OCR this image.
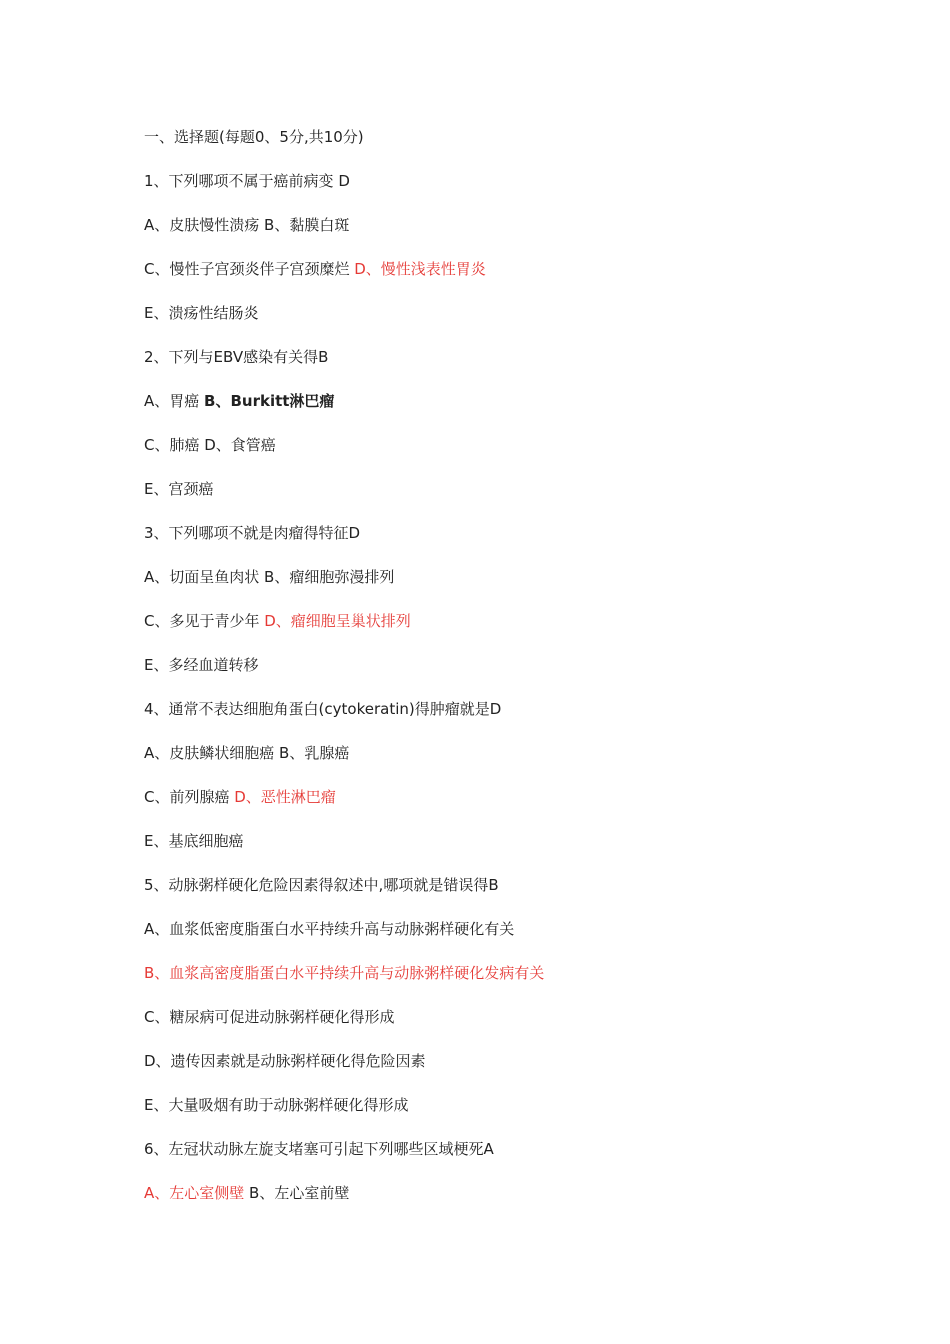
一、选择题(每题0、5分,共10分)
1、下列哪项不属于癌前病变 D
A、皮肤慢性溃疡 B、黏膜白斑
C、慢性子宫颈炎伴子宫颈糜烂 D、慢性浅表性胃炎
E、溃疡性结肠炎
2、下列与EBV感染有关得B
A、胃癌 B、Burkitt淋巴瘤
C、肺癌 D、食管癌
E、宫颈癌
3、下列哪项不就是肉瘤得特征D
A、切面呈鱼肉状 B、瘤细胞弥漫排列
C、多见于青少年 D、瘤细胞呈巢状排列
E、多经血道转移
4、通常不表达细胞角蛋白(cytokeratin)得肿瘤就是D
A、皮肤鳞状细胞癌 B、乳腺癌
C、前列腺癌 D、恶性淋巴瘤
E、基底细胞癌
5、动脉粥样硬化危险因素得叙述中,哪项就是错误得B
A、血浆低密度脂蛋白水平持续升高与动脉粥样硬化有关
B、血浆高密度脂蛋白水平持续升高与动脉粥样硬化发病有关
C、糖尿病可促进动脉粥样硬化得形成
D、遗传因素就是动脉粥样硬化得危险因素
E、大量吸烟有助于动脉粥样硬化得形成
6、左冠状动脉左旋支堵塞可引起下列哪些区域梗死A
A、左心室侧壁 B、左心室前壁
